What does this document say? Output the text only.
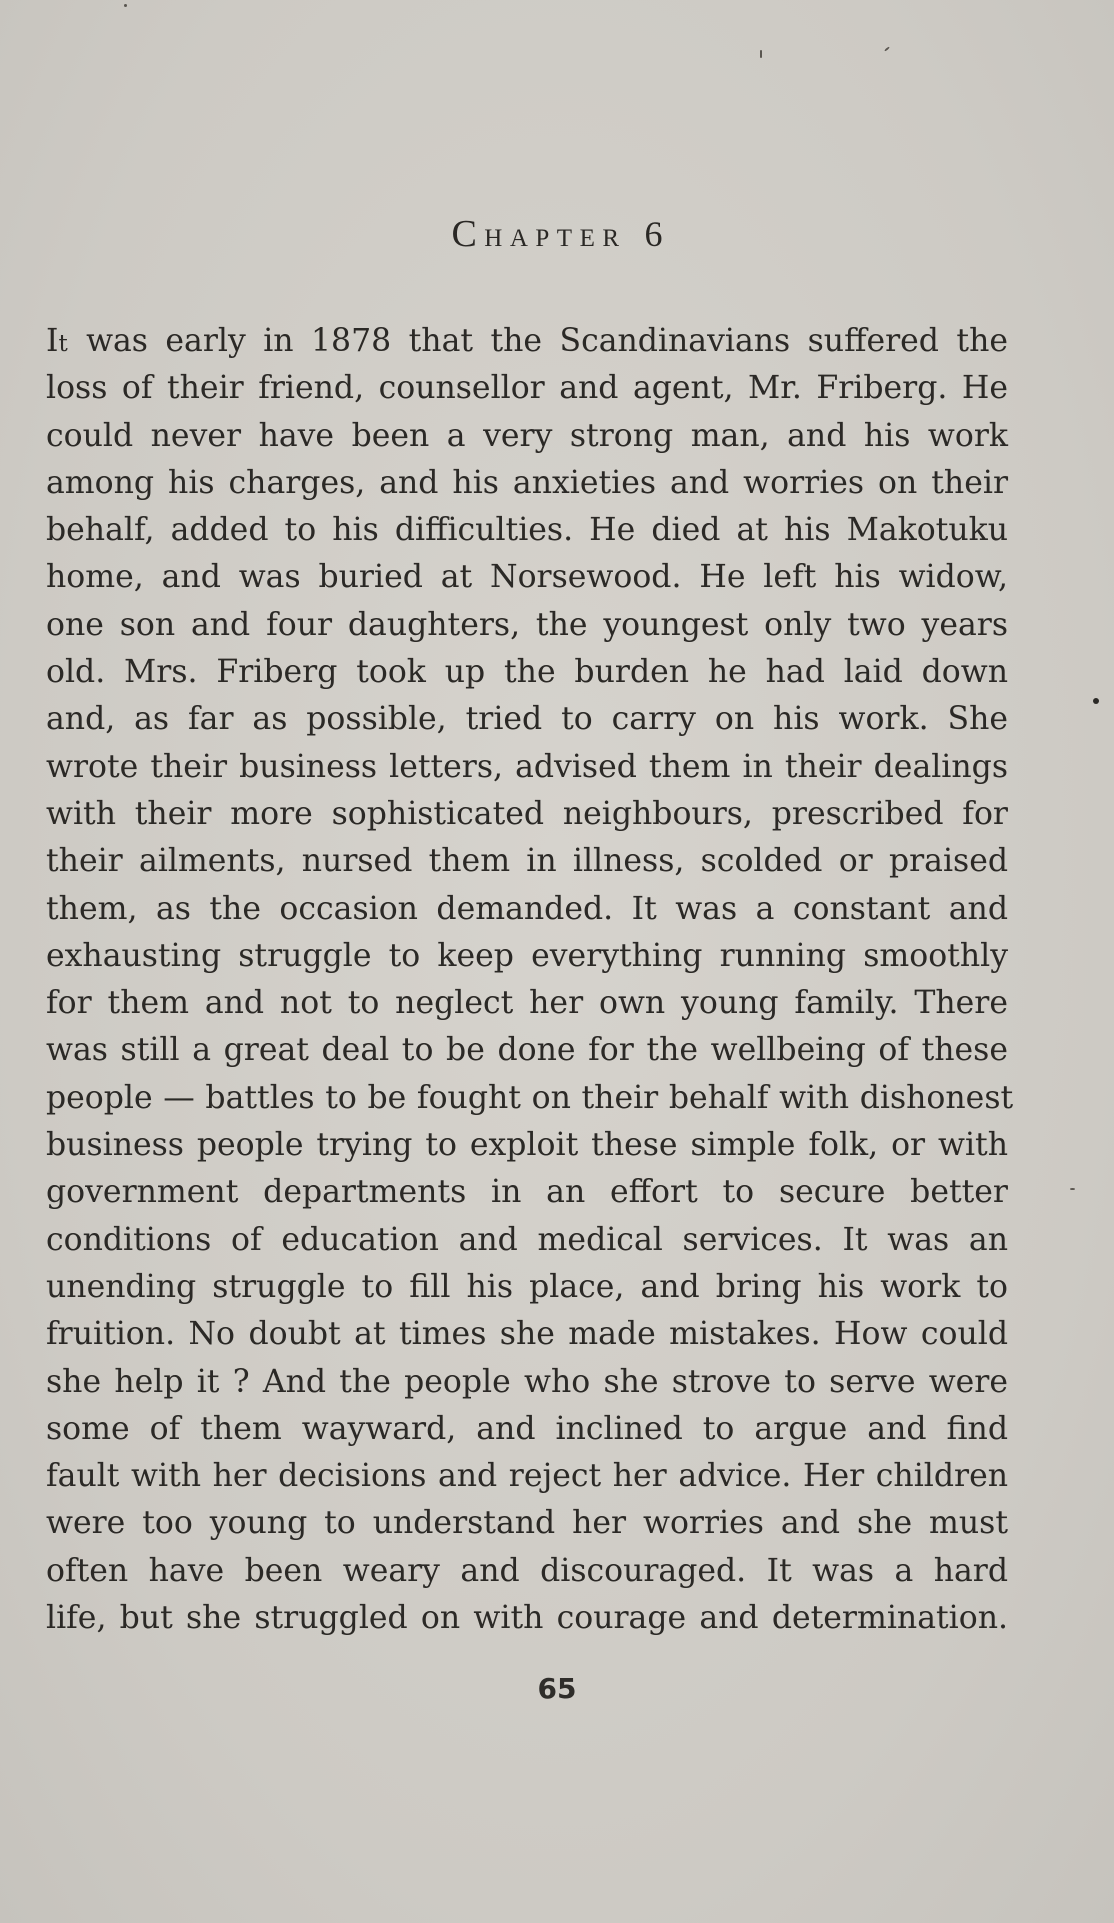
CHAPTER 6
It was early in 1878 that the Scandinavians suffered the
loss of their friend, counsellor and agent, Mr. Friberg. He
could never have been a very strong man, and his work
among his charges, and his anxieties and worries on their
behalf, added to his difficulties. He died at his Makotuku
home, and was buried at Norsewood. He left his widow,
one son and four daughters, the youngest only two years
old. Mrs. Friberg took up the burden he had laid down
and, as far as possible, tried to carry on his work. She
wrote their business letters, advised them in their dealings
with their more sophisticated neighbours, prescribed for
their ailments, nursed them in illness, scolded or praised
them, as the occasion demanded. It was a constant and
exhausting struggle to keep everything running smoothly
for them and not to neglect her own young family. There
was still a great deal to be done for the wellbeing of these
people — battles to be fought on their behalf with dishonest
business people trying to exploit these simple folk, or with
government departments in an effort to secure better
conditions of education and medical services. It was an
unending struggle to fill his place, and bring his work to
fruition. No doubt at times she made mistakes. How could
she help it ? And the people who she strove to serve were
some of them wayward, and inclined to argue and find
fault with her decisions and reject her advice. Her children
were too young to understand her worries and she must
often have been weary and discouraged. It was a hard
life, but she struggled on with courage and determination.
65
